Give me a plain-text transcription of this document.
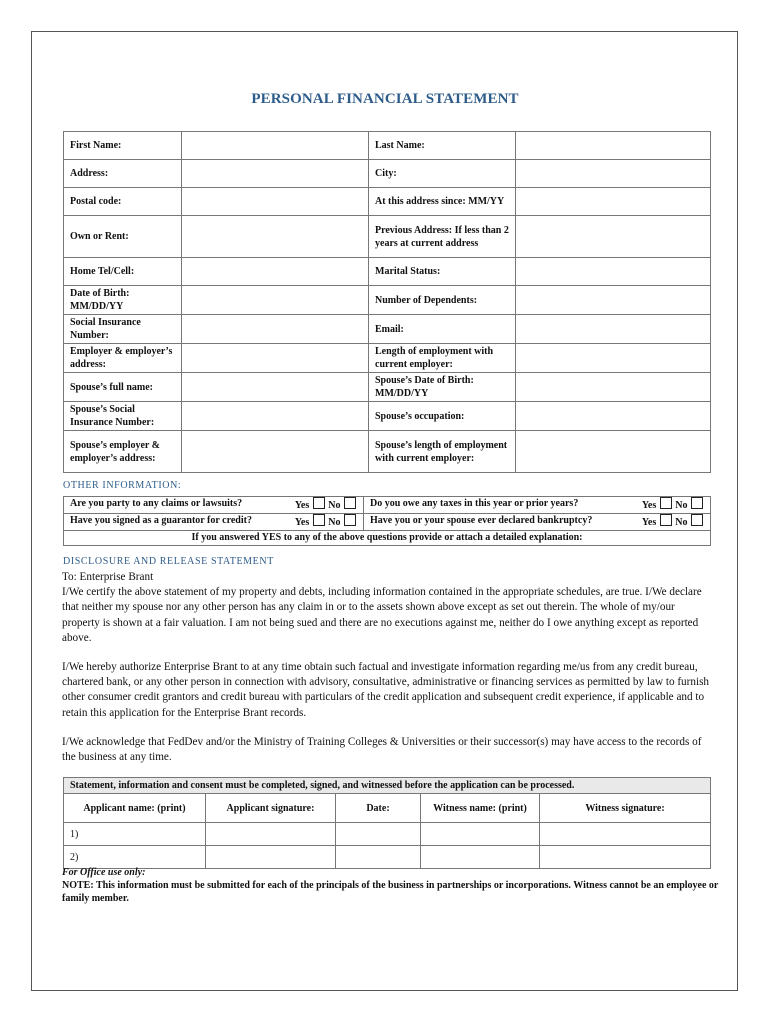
PERSONAL FINANCIAL STATEMENT
First Name:		Last Name:	
Address:		City:	
Postal code:		At this address since: MM/YY	
Own or Rent:		Previous Address: If less than 2 years at current address	
Home Tel/Cell:		Marital Status:	
Date of Birth: MM/DD/YY		Number of Dependents:	
Social Insurance Number:		Email:	
Employer & employer’s address:		Length of employment with current employer:	
Spouse’s full name:		Spouse’s Date of Birth: MM/DD/YY	
Spouse’s Social Insurance Number:		Spouse’s occupation:	
Spouse’s employer & employer’s address:		Spouse’s length of employment with current employer:	
OTHER INFORMATION:
Are you party to any claims or lawsuits? Yes No	Do you owe any taxes in this year or prior years? Yes No

Have you signed as a guarantor for credit? Yes No	Have you or your spouse ever declared bankruptcy? Yes No

If you answered YES to any of the above questions provide or attach a detailed explanation:	
DISCLOSURE AND RELEASE STATEMENT

To: Enterprise Brant

I/We certify the above statement of my property and debts, including information contained in the appropriate schedules, are true. I/We declare that neither my spouse nor any other person has any claim in or to the assets shown above except as set out therein. The whole of my/our property is shown at a fair valuation. I am not being sued and there are no executions against me, neither do I owe anything except as reported above.

I/We hereby authorize Enterprise Brant to at any time obtain such factual and investigate information regarding me/us from any credit bureau, chartered bank, or any other person in connection with advisory, consultative, administrative or financing services as permitted by law to furnish other consumer credit grantors and credit bureau with particulars of the credit application and subsequent credit experience, if applicable and to retain this application for the Enterprise Brant records.
I/We acknowledge that FedDev and/or the Ministry of Training Colleges & Universities or their successor(s) may have access to the records of the business at any time.
Statement, information and consent must be completed, signed, and witnessed before the application can be processed.				
Applicant name: (print)	Applicant signature:	Date:	Witness name: (print)	Witness signature:
1)				
2)				
For Office use only:
NOTE: This information must be submitted for each of the principals of the business in partnerships or incorporations. Witness cannot be an employee or family member.
